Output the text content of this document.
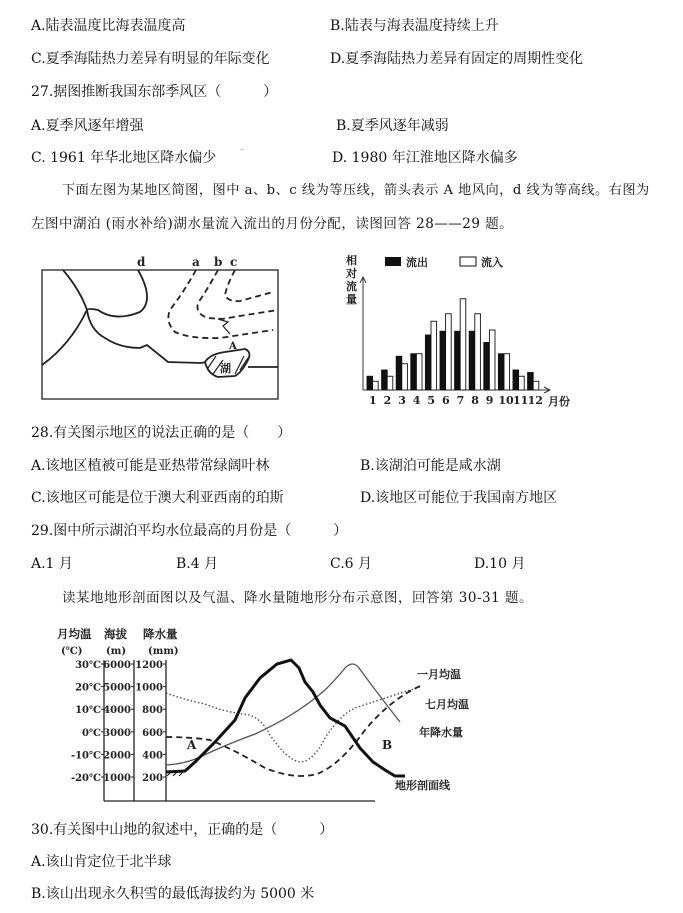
A.陆表温度比海表温度高	B.陆表与海表温度持续上升
C.夏季海陆热力差异有明显的年际变化	D.夏季海陆热力差异有固定的周期性变化
27.据图推断我国东部季风区（　　　）
A.夏季风逐年增强	B.夏季风逐年减弱
C. 1961 年华北地区降水偏少	D. 1980 年江淮地区降水偏多
下面左图为某地区简图，图中 a、b、c 线为等压线，箭头表示 A 地风向，d 线为等高线。右图为
左图中湖泊 (雨水补给)湖水量流入流出的月份分配，读图回答 28——29 题。
d	a b c
湖
A
相
对
流
量
相对流量
流出	流入
1 2 3 4 5 6 7 8 9 10 11 12 月份
28.有关图示地区的说法正确的是（　　）
A.该地区植被可能是亚热带常绿阔叶林	B.该湖泊可能是咸水湖
C.该地区可能是位于澳大利亚西南的珀斯	D.该地区可能位于我国南方地区
29.图中所示湖泊平均水位最高的月份是（　　　）
A.1 月	B.4 月	C.6 月	D.10 月
读某地地形剖面图以及气温、降水量随地形分布示意图，回答第 30-31 题。
月均温 海拔 降水量
(℃) (m) (mm)
30℃
20℃
10℃
0℃
-10℃
-20℃
6000
5000
4000
3000
2000
1000
1200
1000
800
600
400
200
A	B
一月均温
七月均温
年降水量
地形剖面线
30.有关图中山地的叙述中，正确的是（　　　）
A.该山肯定位于北半球
B.该山出现永久积雪的最低海拔约为 5000 米
